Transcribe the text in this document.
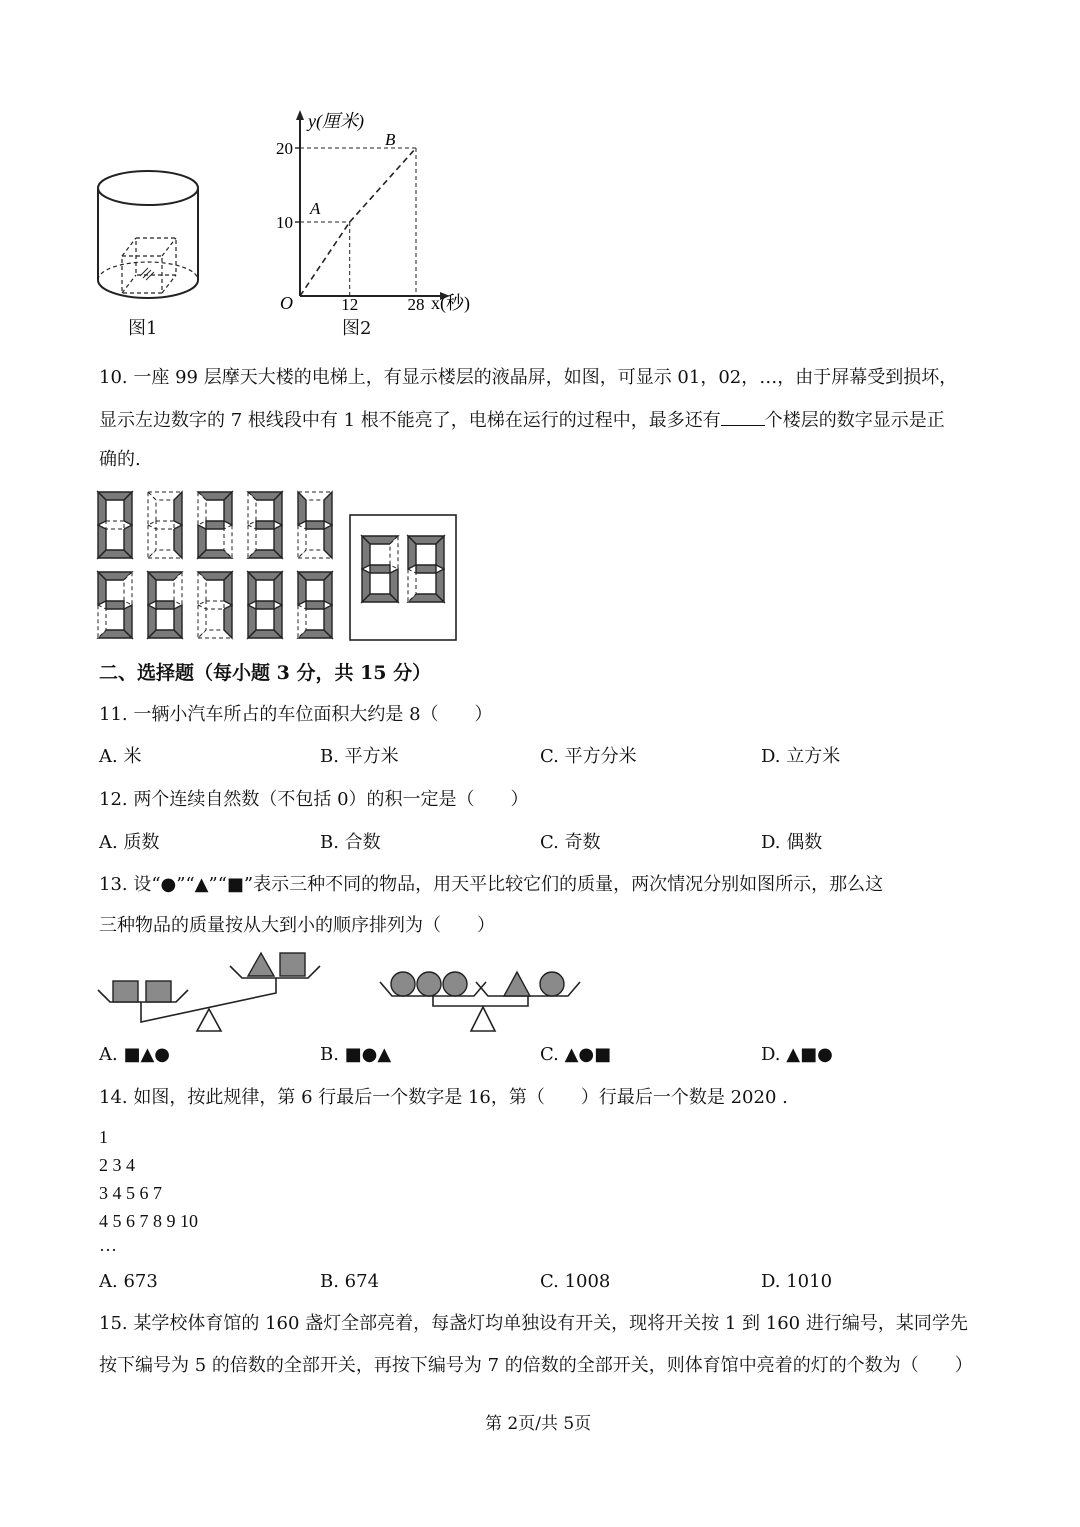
图1
20
10
12	28
y(厘米)
x(秒)
O
A
B
图2
10. 一座 99 层摩天大楼的电梯上，有显示楼层的液晶屏，如图，可显示 01，02，…，由于屏幕受到损坏，
显示左边数字的 7 根线段中有 1 根不能亮了，电梯在运行的过程中，最多还有 个楼层的数字显示是正
确的.
二、选择题（每小题 3 分，共 15 分）
11. 一辆小汽车所占的车位面积大约是 8（　　）
A. 米	B. 平方米	C. 平方分米	D. 立方米
12. 两个连续自然数（不包括 0）的积一定是（　　）
A. 质数	B. 合数	C. 奇数	D. 偶数
13. 设“●”“▲”“■”表示三种不同的物品，用天平比较它们的质量，两次情况分别如图所示，那么这
三种物品的质量按从大到小的顺序排列为（　　）
A. ■▲●	B. ■●▲	C. ▲●■	D. ▲■●
14. 如图，按此规律，第 6 行最后一个数字是 16，第（　　）行最后一个数是 2020 .
1
2 3 4
3 4 5 6 7
4 5 6 7 8 9 10
…
A. 673	B. 674	C. 1008	D. 1010
15. 某学校体育馆的 160 盏灯全部亮着，每盏灯均单独设有开关，现将开关按 1 到 160 进行编号，某同学先
按下编号为 5 的倍数的全部开关，再按下编号为 7 的倍数的全部开关，则体育馆中亮着的灯的个数为（　　）
第 2页/共 5页
